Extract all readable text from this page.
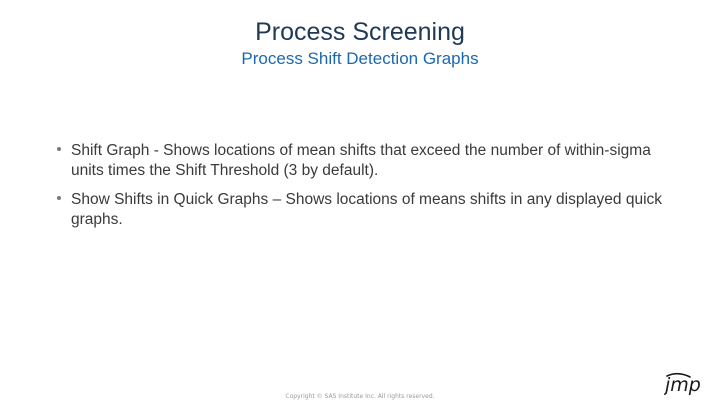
Process Screening
Process Shift Detection Graphs
Shift Graph - Shows locations of mean shifts that exceed the number of within-sigma units times the Shift Threshold (3 by default).
Show Shifts in Quick Graphs – Shows locations of means shifts in any displayed quick graphs.
Copyright © SAS Institute Inc. All rights reserved.
jmp
